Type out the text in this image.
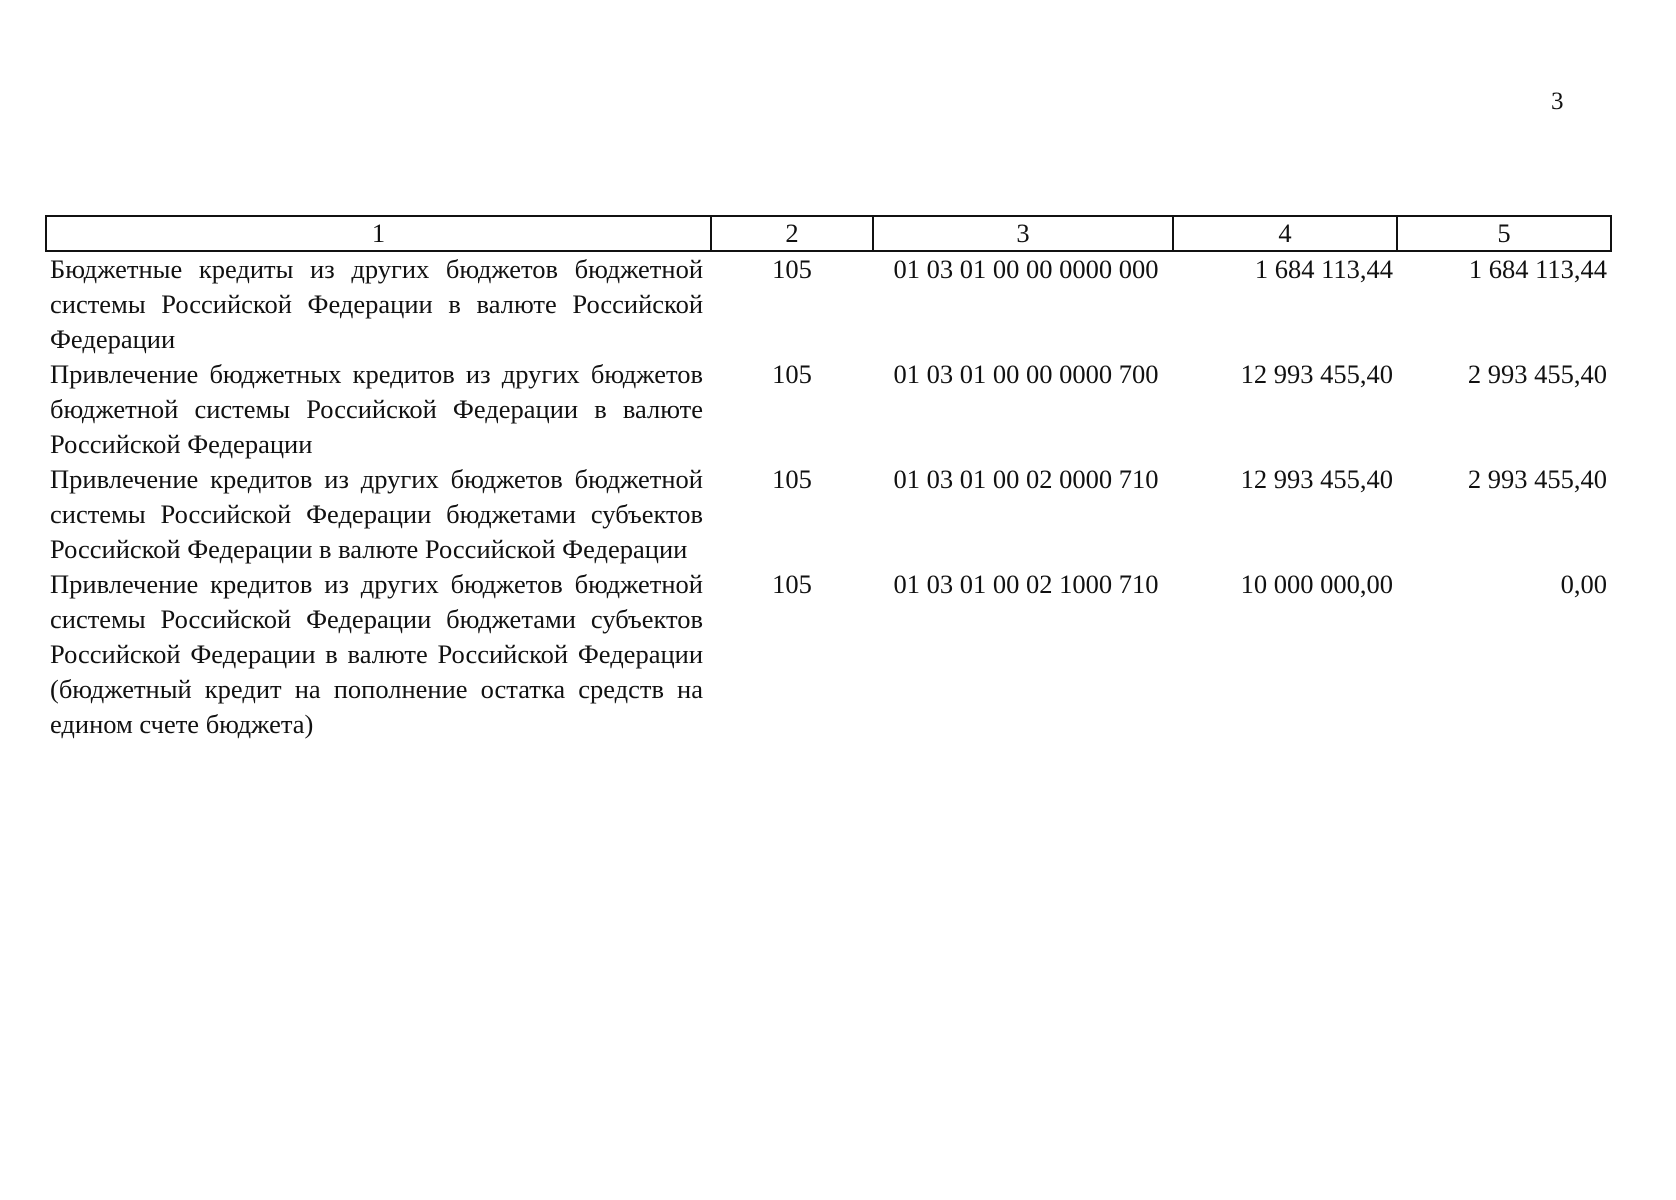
3
1	2	3	4	5
Бюджетные кредиты из других бюджетов бюджетной системы Российской Федерации в валюте Российской Федерации	105	01 03 01 00 00 0000 000	1 684 113,44	1 684 113,44
Привлечение бюджетных кредитов из других бюджетов бюджетной системы Российской Федерации в валюте Российской Федерации	105	01 03 01 00 00 0000 700	12 993 455,40	2 993 455,40
Привлечение кредитов из других бюджетов бюджетной системы Российской Федерации бюджетами субъектов Российской Федерации в валюте Российской Федерации	105	01 03 01 00 02 0000 710	12 993 455,40	2 993 455,40
Привлечение кредитов из других бюджетов бюджетной системы Российской Федерации бюджетами субъектов Российской Федерации в валюте Российской Федерации (бюджетный кредит на пополнение остатка средств на едином счете бюджета)	105	01 03 01 00 02 1000 710	10 000 000,00	0,00
